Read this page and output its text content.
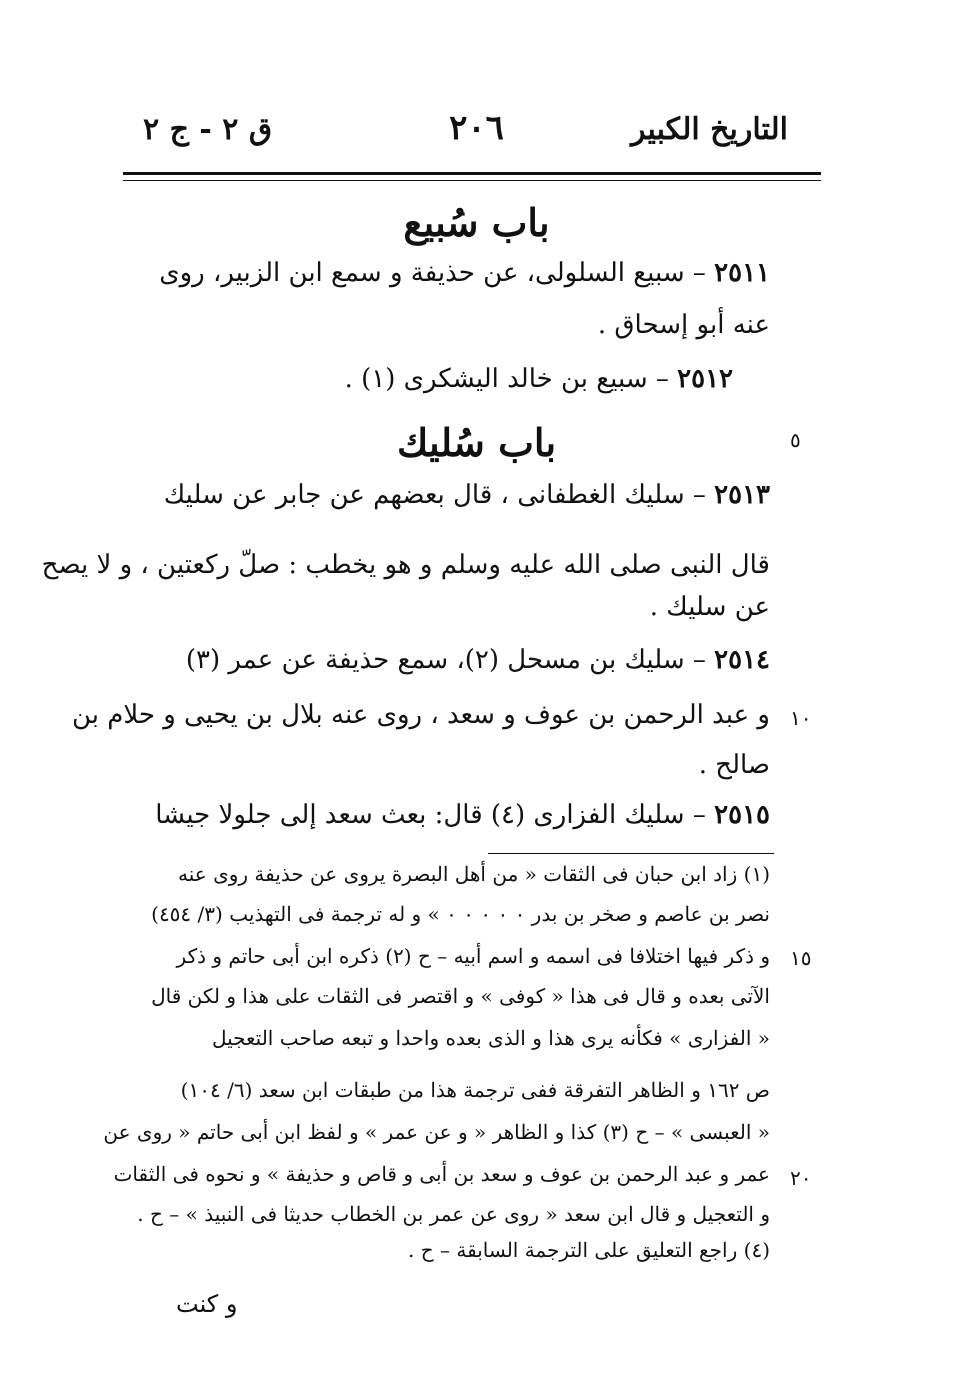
التاريخ الكبير
٢٠٦
ق ٢ - ج ٢
باب سُبيع
٢٥١١ – سبيع السلولى، عن حذيفة و سمع ابن الزبير، روى
عنه أبو إسحاق .
٢٥١٢ – سبيع بن خالد اليشكرى (١) .
باب سُليك
٢٥١٣ – سليك الغطفانى ، قال بعضهم عن جابر عن سليك
قال النبى صلى الله عليه وسلم و هو يخطب : صلّ ركعتين ، و لا يصح
عن سليك .
٢٥١٤ – سليك بن مسحل (٢)، سمع حذيفة عن عمر (٣)
و عبد الرحمن بن عوف و سعد ، روى عنه بلال بن يحيى و حلام بن
صالح .
٢٥١٥ – سليك الفزارى (٤) قال: بعث سعد إلى جلولا جيشا
٥
١٠
١٥
٢٠
(١) زاد ابن حبان فى الثقات « من أهل البصرة يروى عن حذيفة روى عنه
نصر بن عاصم و صخر بن بدر ٠ ٠ ٠ ٠ ٠ » و له ترجمة فى التهذيب (٣/ ٤٥٤)
و ذكر فيها اختلافا فى اسمه و اسم أبيه – ح (٢) ذكره ابن أبى حاتم و ذكر
الآتى بعده و قال فى هذا « كوفى » و اقتصر فى الثقات على هذا و لكن قال
« الفزارى » فكأنه يرى هذا و الذى بعده واحدا و تبعه صاحب التعجيل
ص ١٦٢ و الظاهر التفرقة ففى ترجمة هذا من طبقات ابن سعد (٦/ ١٠٤)
« العبسى » – ح (٣) كذا و الظاهر « و عن عمر » و لفظ ابن أبى حاتم « روى عن
عمر و عبد الرحمن بن عوف و سعد بن أبى و قاص و حذيفة » و نحوه فى الثقات
و التعجيل و قال ابن سعد « روى عن عمر بن الخطاب حديثا فى النبيذ » – ح .
(٤) راجع التعليق على الترجمة السابقة – ح .
و كنت
